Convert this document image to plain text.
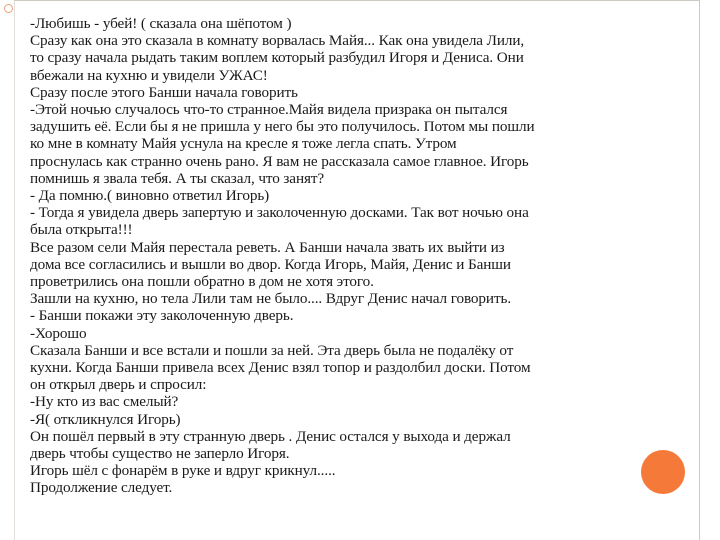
-Любишь - убей! ( сказала она шёпотом )
Сразу как она это сказала в комнату ворвалась Майя... Как она увидела Лили,
то сразу начала рыдать таким воплем который разбудил Игоря и Дениса. Они
вбежали на кухню и увидели УЖАС!
Сразу после этого Банши начала говорить
-Этой ночью случалось что-то странное.Майя видела призрака он пытался
задушить её. Если бы я не пришла у него бы это получилось. Потом мы пошли
ко мне в комнату Майя уснула на кресле я тоже легла спать. Утром
проснулась как странно очень рано. Я вам не рассказала самое главное. Игорь
помнишь я звала тебя. А ты сказал, что занят?
- Да помню.( виновно ответил Игорь)
- Тогда я увидела дверь запертую и заколоченную досками. Так вот ночью она
была открыта!!!
Все разом сели Майя перестала реветь. А Банши начала звать их выйти из
дома все согласились и вышли во двор. Когда Игорь, Майя, Денис и Банши
проветрились она пошли обратно в дом не хотя этого.
Зашли на кухню, но тела Лили там не было.... Вдруг Денис начал говорить.
- Банши покажи эту заколоченную дверь.
-Хорошо
Сказала Банши и все встали и пошли за ней. Эта дверь была не подалёку от
кухни. Когда Банши привела всех Денис взял топор и раздолбил доски. Потом
он открыл дверь и спросил:
-Ну кто из вас смелый?
-Я( откликнулся Игорь)
Он пошёл первый в эту странную дверь . Денис остался у выхода и держал
дверь чтобы существо не заперло Игоря.
Игорь шёл с фонарём в руке и вдруг крикнул.....
Продолжение следует.
